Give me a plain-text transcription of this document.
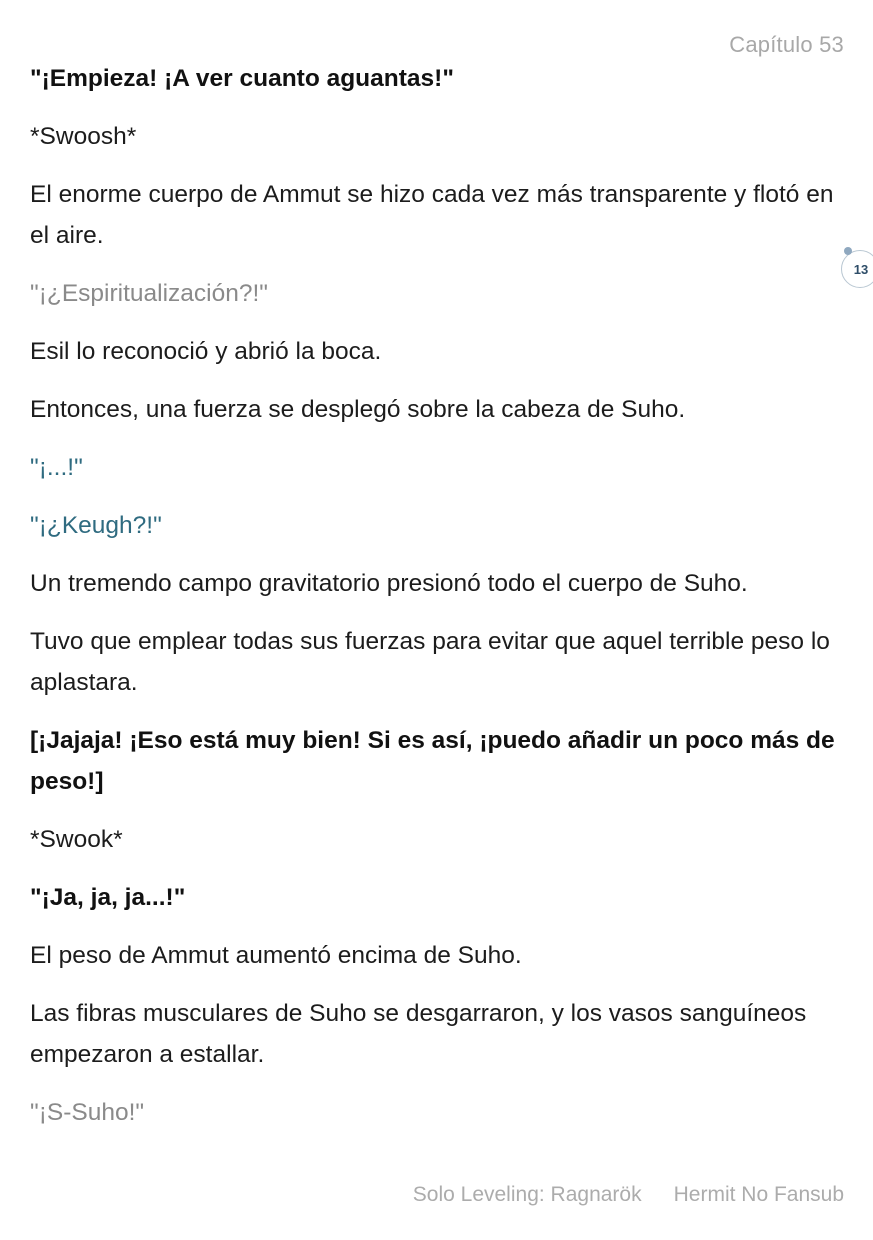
Capítulo 53

"¡Empieza! ¡A ver cuanto aguantas!"

*Swoosh*

El enorme cuerpo de Ammut se hizo cada vez más transparente y flotó en el aire.

"¡¿Espiritualización?!"

Esil lo reconoció y abrió la boca.

Entonces, una fuerza se desplegó sobre la cabeza de Suho.

"¡...!"

"¡¿Keugh?!"

Un tremendo campo gravitatorio presionó todo el cuerpo de Suho.

Tuvo que emplear todas sus fuerzas para evitar que aquel terrible peso lo aplastara.

[¡Jajaja! ¡Eso está muy bien! Si es así, ¡puedo añadir un poco más de peso!]

*Swook*

"¡Ja, ja, ja...!"

El peso de Ammut aumentó encima de Suho.

Las fibras musculares de Suho se desgarraron, y los vasos sanguíneos empezaron a estallar.

"¡S-Suho!"

13
Solo Leveling: Ragnarök Hermit No Fansub
